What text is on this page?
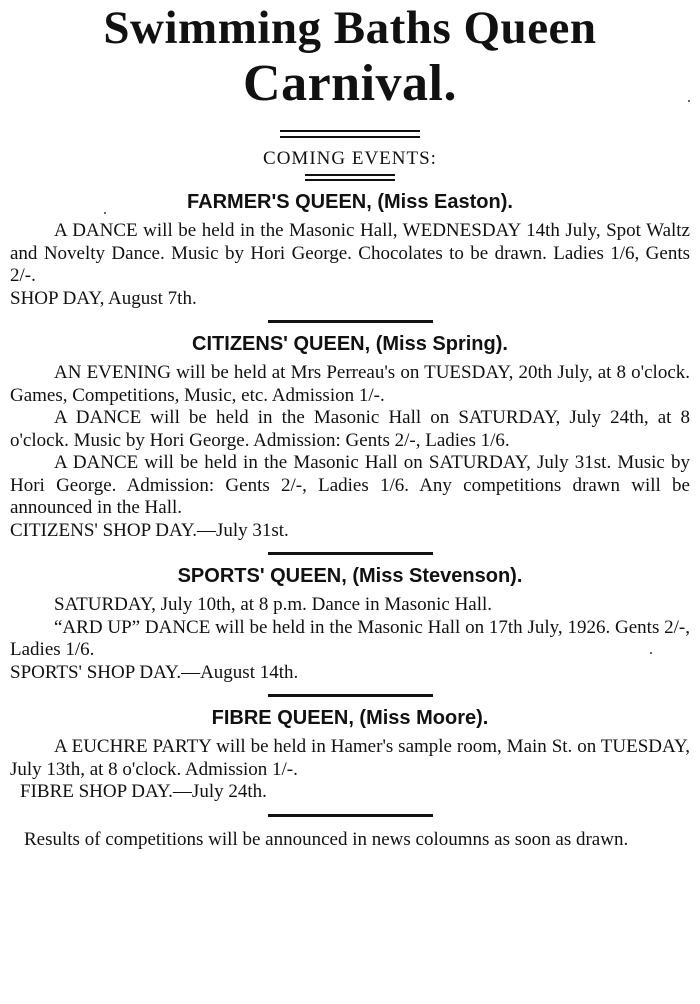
Swimming Baths Queen
Carnival.
COMING EVENTS:
FARMER'S QUEEN, (Miss Easton).

A DANCE will be held in the Masonic Hall, WEDNESDAY 14th July, Spot Waltz and Novelty Dance. Music by Hori George. Chocolates to be drawn. Ladies 1/6, Gents 2/-.

SHOP DAY, August 7th.

CITIZENS' QUEEN, (Miss Spring).

AN EVENING will be held at Mrs Perreau's on TUESDAY, 20th July, at 8 o'clock. Games, Competitions, Music, etc. Admission 1/-.

A DANCE will be held in the Masonic Hall on SATURDAY, July 24th, at 8 o'clock. Music by Hori George. Admission: Gents 2/-, Ladies 1/6.

A DANCE will be held in the Masonic Hall on SATURDAY, July 31st. Music by Hori George. Admission: Gents 2/-, Ladies 1/6. Any competitions drawn will be announced in the Hall.

CITIZENS' SHOP DAY.—July 31st.

SPORTS' QUEEN, (Miss Stevenson).

SATURDAY, July 10th, at 8 p.m. Dance in Masonic Hall.

“ARD UP” DANCE will be held in the Masonic Hall on 17th July, 1926. Gents 2/-, Ladies 1/6.

SPORTS' SHOP DAY.—August 14th.

FIBRE QUEEN, (Miss Moore).

A EUCHRE PARTY will be held in Hamer's sample room, Main St. on TUESDAY, July 13th, at 8 o'clock. Admission 1/-.

FIBRE SHOP DAY.—July 24th.

Results of competitions will be announced in news coloumns as soon as drawn.
